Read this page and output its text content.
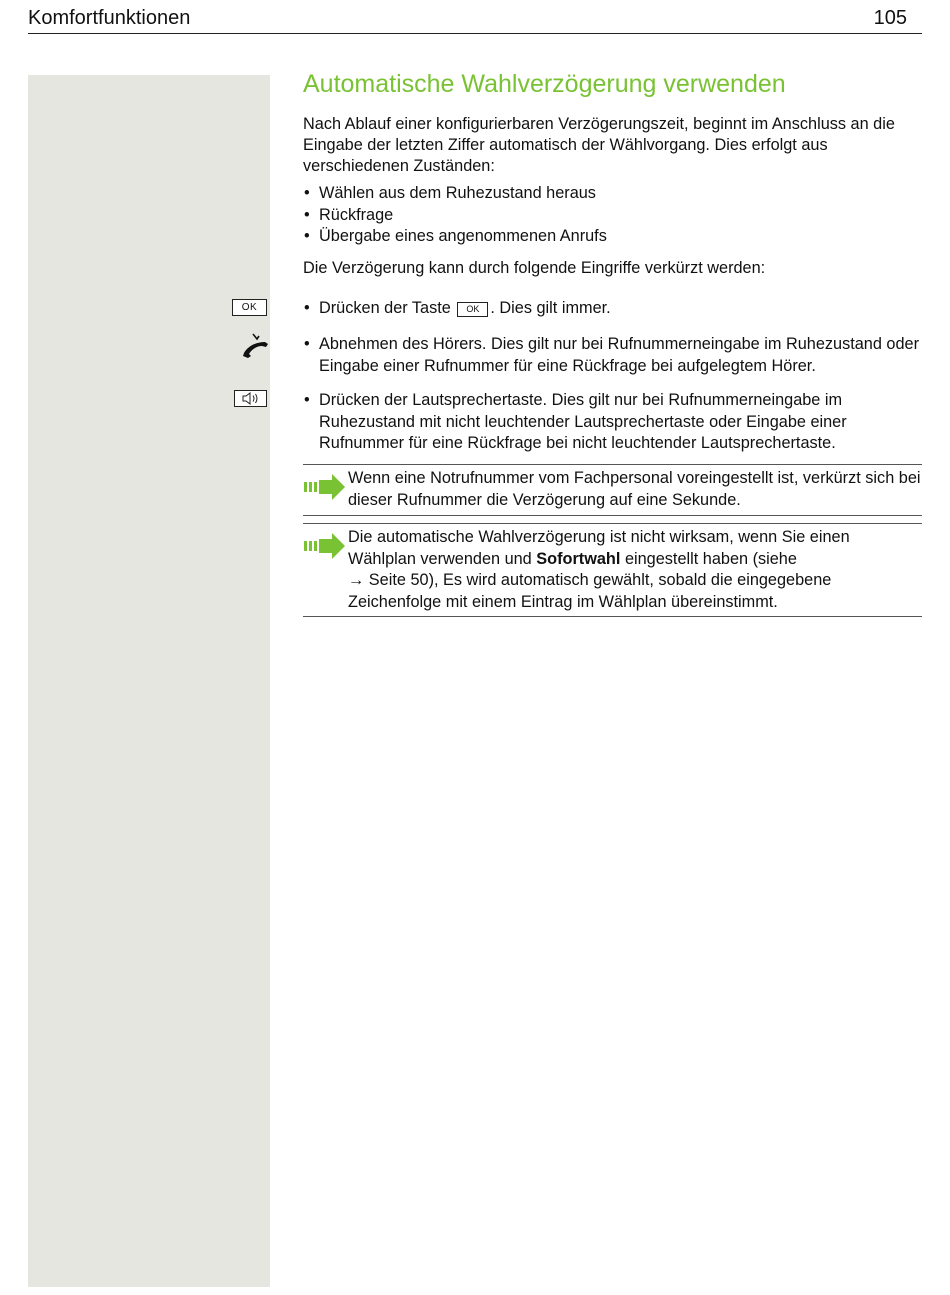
Komfortfunktionen	105
Automatische Wahlverzögerung verwenden

Nach Ablauf einer konfigurierbaren Verzögerungszeit, beginnt im Anschluss an die Eingabe der letzten Ziffer automatisch der Wählvorgang. Dies erfolgt aus verschiedenen Zuständen:

• Wählen aus dem Ruhezustand heraus
• Rückfrage
• Übergabe eines angenommenen Anrufs

Die Verzögerung kann durch folgende Eingriffe verkürzt werden:

OK	• Drücken der Taste OK . Dies gilt immer.
• Abnehmen des Hörers. Dies gilt nur bei Rufnummerneingabe im Ruhezustand oder Eingabe einer Rufnummer für eine Rückfrage bei aufgelegtem Hörer.
• Drücken der Lautsprechertaste. Dies gilt nur bei Rufnummerneingabe im Ruhezustand mit nicht leuchtender Lautsprechertaste oder Eingabe einer Rufnummer für eine Rückfrage bei nicht leuchtender Lautsprechertaste.
Wenn eine Notrufnummer vom Fachpersonal voreingestellt ist, verkürzt sich bei dieser Rufnummer die Verzögerung auf eine Sekunde.
Die automatische Wahlverzögerung ist nicht wirksam, wenn Sie einen Wählplan verwenden und Sofortwahl eingestellt haben (siehe
→ Seite 50), Es wird automatisch gewählt, sobald die eingegebene Zeichenfolge mit einem Eintrag im Wählplan übereinstimmt.
